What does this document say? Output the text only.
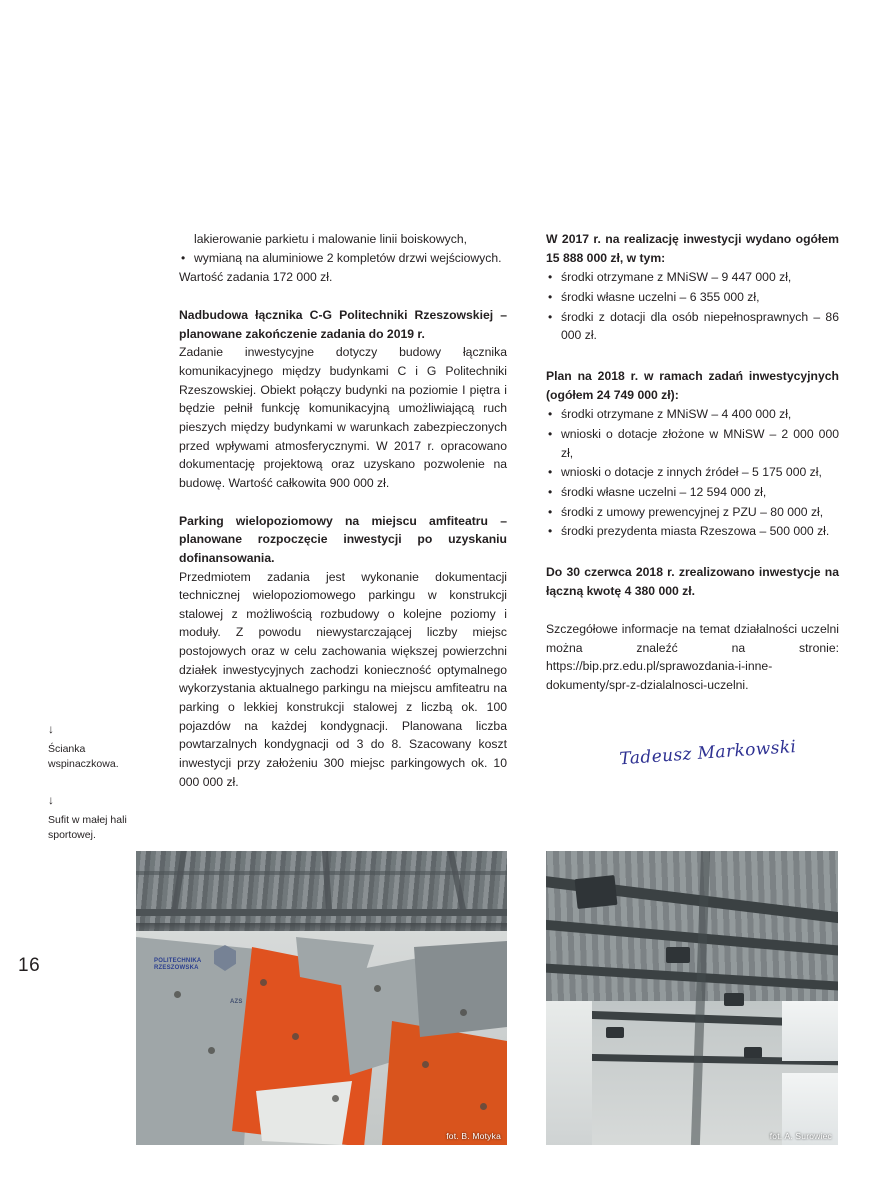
16
↓
Ścianka wspinaczkowa.
↓
Sufit w małej hali sportowej.

lakierowanie parkietu i malowanie linii boiskowych,

• wymianą na aluminiowe 2 kompletów drzwi wejściowych.

Wartość zadania 172 000 zł.

Nadbudowa łącznika C-G Politechniki Rzeszowskiej – planowane zakończenie zadania do 2019 r.

Zadanie inwestycyjne dotyczy budowy łącznika komunikacyjnego między budynkami C i G Politechniki Rzeszowskiej. Obiekt połączy budynki na poziomie I piętra i będzie pełnił funkcję komunikacyjną umożliwiającą ruch pieszych między budynkami w warunkach zabezpieczonych przed wpływami atmosferycznymi. W 2017 r. opracowano dokumentację projektową oraz uzyskano pozwolenie na budowę. Wartość całkowita 900 000 zł.

Parking wielopoziomowy na miejscu amfiteatru – planowane rozpoczęcie inwestycji po uzyskaniu dofinansowania.

Przedmiotem zadania jest wykonanie dokumentacji technicznej wielopoziomowego parkingu w konstrukcji stalowej z możliwością rozbudowy o kolejne poziomy i moduły. Z powodu niewystarczającej liczby miejsc postojowych oraz w celu zachowania większej powierzchni działek inwestycyjnych zachodzi konieczność optymalnego wykorzystania aktualnego parkingu na miejscu amfiteatru na parking o lekkiej konstrukcji stalowej z liczbą ok. 100 pojazdów na każdej kondygnacji. Planowana liczba powtarzalnych kondygnacji od 3 do 8. Szacowany koszt inwestycji przy założeniu 300 miejsc parkingowych ok. 10 000 000 zł.

W 2017 r. na realizację inwestycji wydano ogółem 15 888 000 zł, w tym:

• środki otrzymane z MNiSW – 9 447 000 zł,
• środki własne uczelni – 6 355 000 zł,
• środki z dotacji dla osób niepełnosprawnych – 86 000 zł.

Plan na 2018 r. w ramach zadań inwestycyjnych (ogółem 24 749 000 zł):

• środki otrzymane z MNiSW – 4 400 000 zł,
• wnioski o dotacje złożone w MNiSW – 2 000 000 zł,
• wnioski o dotacje z innych źródeł – 5 175 000 zł,
• środki własne uczelni – 12 594 000 zł,
• środki z umowy prewencyjnej z PZU – 80 000 zł,
• środki prezydenta miasta Rzeszowa – 500 000 zł.

Do 30 czerwca 2018 r. zrealizowano inwestycje na łączną kwotę 4 380 000 zł.

Szczegółowe informacje na temat działalności uczelni można znaleźć na stronie: https://bip.prz.edu.pl/sprawozdania-i-inne-dokumenty/spr-z-dzialalnosci-uczelni.

Tadeusz Markowski
POLITECHNIKA
RZESZOWSKA
AZS
fot. B. Motyka	fot. A. Surowiec
